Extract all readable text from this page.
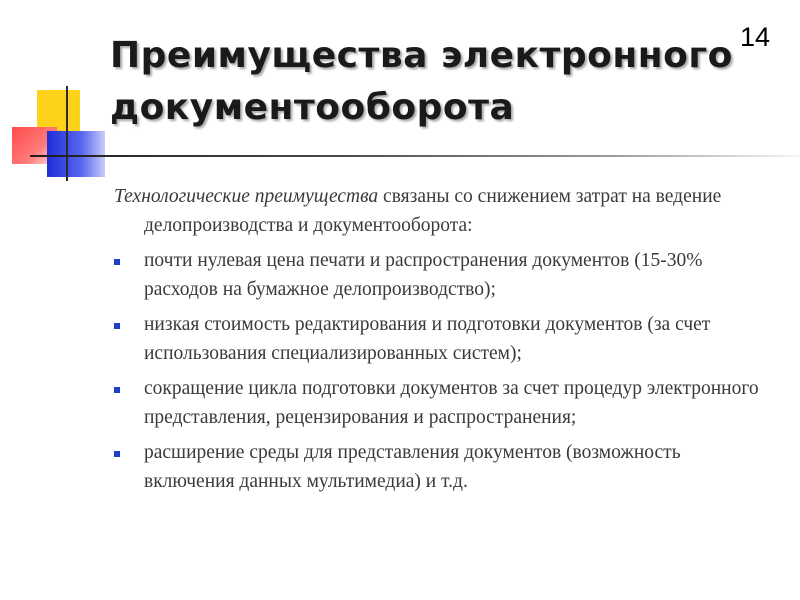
14
Преимущества электронного
документооборота

Технологические преимущества связаны со снижением затрат на ведение делопроизводства и документооборота:

почти нулевая цена печати и распространения документов (15-30% расходов на бумажное делопроизводство);
низкая стоимость редактирования и подготовки документов (за счет использования специализированных систем);
сокращение цикла подготовки документов за счет процедур электронного представления, рецензирования и распространения;
расширение среды для представления документов (возможность включения данных мультимедиа) и т.д.
